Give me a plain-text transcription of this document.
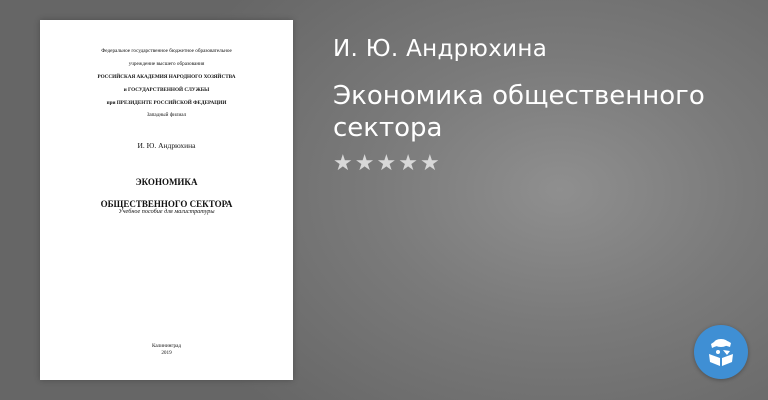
Федеральное государственное бюджетное образовательное

учреждение высшего образования

РОССИЙСКАЯ АКАДЕМИЯ НАРОДНОГО ХОЗЯЙСТВА

и ГОСУДАРСТВЕННОЙ СЛУЖБЫ

при ПРЕЗИДЕНТЕ РОССИЙСКОЙ ФЕДЕРАЦИИ

Западный филиал

И. Ю. Андрюхина

ЭКОНОМИКА

ОБЩЕСТВЕННОГО СЕКТОРА

Учебное пособие для магистратуры
Калининград
2019
И. Ю. Андрюхина
Экономика общественного сектора
★ ★ ★ ★ ★
